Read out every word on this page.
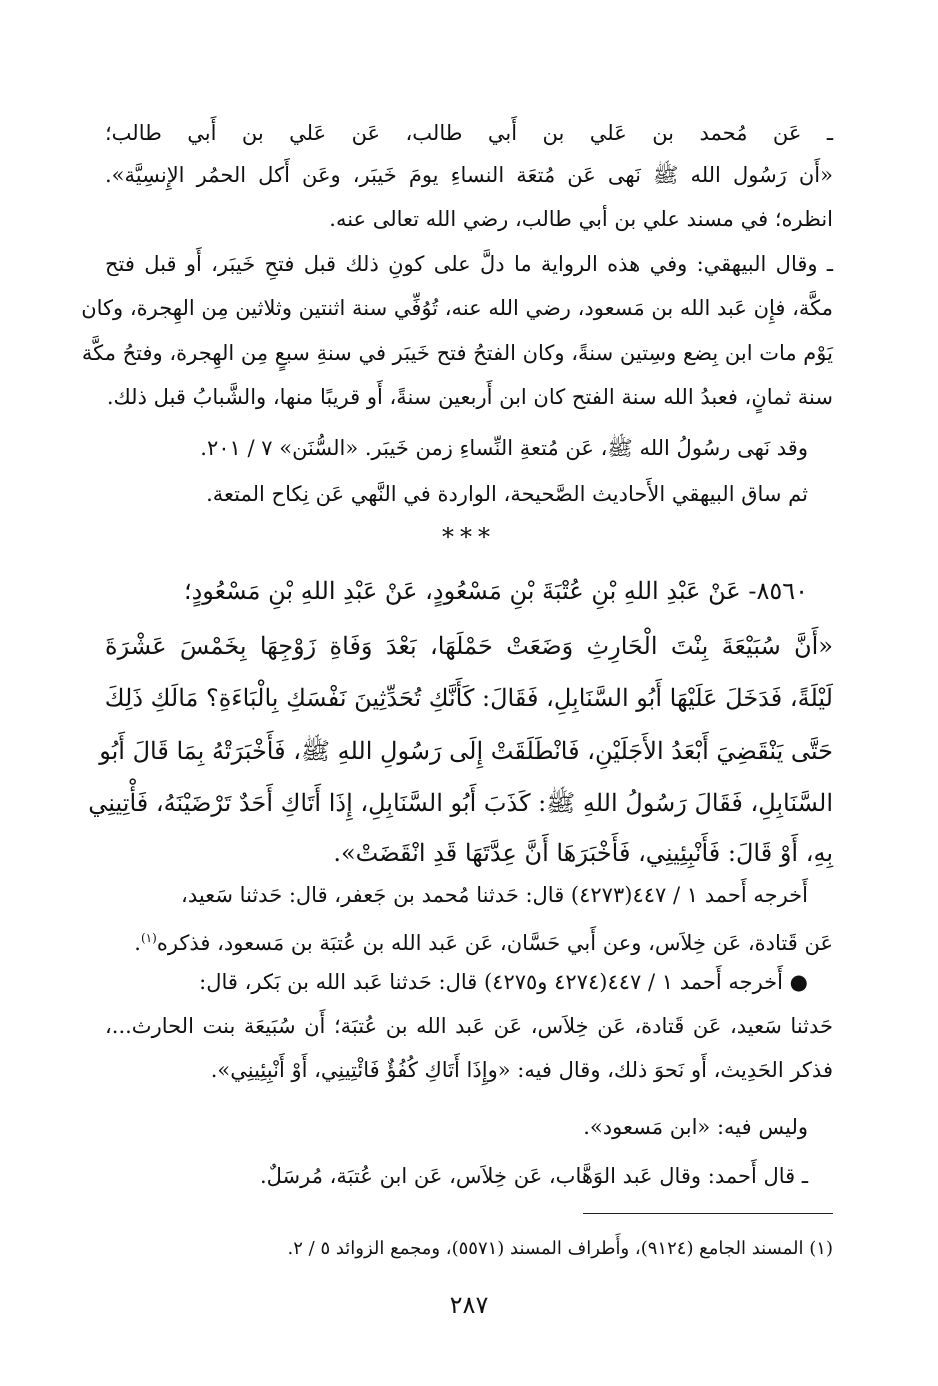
ـ عَن مُحمد بن عَلي بن أَبي طالب، عَن عَلي بن أَبي طالب؛
«أَن رَسُول الله ﷺ نَهى عَن مُتعَة النساءِ يومَ خَيبَر، وعَن أَكل الحمُر الإِنسِيَّة».
انظره؛ في مسند علي بن أبي طالب، رضي الله تعالى عنه.
ـ وقال البيهقي: وفي هذه الرواية ما دلَّ على كونِ ذلك قبل فتحِ خَيبَر، أَو قبل فتح
مكَّة، فإِن عَبد الله بن مَسعود، رضي الله عنه، تُوُفِّي سنة اثنتين وثلاثين مِن الهِجرة، وكان
يَوْم مات ابن بِضع وسِتين سنةً، وكان الفتحُ فتح خَيبَر في سنةِ سبعٍ مِن الهِجرة، وفتحُ مكَّة
سنة ثمانٍ، فعبدُ الله سنة الفتح كان ابن أَربعين سنةً، أَو قريبًا منها، والشَّبابُ قبل ذلك.
وقد نَهى رسُولُ الله ﷺ، عَن مُتعةِ النِّساءِ زمن خَيبَر. «السُّنَن» ٧ / ٢٠١.
ثم ساق البيهقي الأَحاديث الصَّحيحة، الواردة في النَّهي عَن نِكاح المتعة.
***
٨٥٦٠- عَنْ عَبْدِ اللهِ بْنِ عُتْبَةَ بْنِ مَسْعُودٍ، عَنْ عَبْدِ اللهِ بْنِ مَسْعُودٍ؛
«أَنَّ سُبَيْعَةَ بِنْتَ الْحَارِثِ وَضَعَتْ حَمْلَهَا، بَعْدَ وَفَاةِ زَوْجِهَا بِخَمْسَ عَشْرَةَ
لَيْلَةً، فَدَخَلَ عَلَيْهَا أَبُو السَّنَابِلِ، فَقَالَ: كَأَنَّكِ تُحَدِّثِينَ نَفْسَكِ بِالْبَاءَةِ؟ مَالَكِ ذَلِكَ
حَتَّى يَنْقَضِيَ أَبْعَدُ الأَجَلَيْنِ، فَانْطَلَقَتْ إِلَى رَسُولِ اللهِ ﷺ، فَأَخْبَرَتْهُ بِمَا قَالَ أَبُو
السَّنَابِلِ، فَقَالَ رَسُولُ اللهِ ﷺ: كَذَبَ أَبُو السَّنَابِلِ، إِذَا أَتَاكِ أَحَدٌ تَرْضَيْنَهُ، فَأْتِينِي
بِهِ، أَوْ قَالَ: فَأَنْبِئِينِي، فَأَخْبَرَهَا أَنَّ عِدَّتَهَا قَدِ انْقَضَتْ».
أَخرجه أَحمد ١ / ٤٤٧(٤٢٧٣) قال: حَدثنا مُحمد بن جَعفر، قال: حَدثنا سَعيد،
عَن قَتادة، عَن خِلاَس، وعن أَبي حَسَّان، عَن عَبد الله بن عُتبَة بن مَسعود، فذكره$^{(١)}$.
● أَخرجه أَحمد ١ / ٤٤٧(٤٢٧٤ و٤٢٧٥) قال: حَدثنا عَبد الله بن بَكر، قال:
حَدثنا سَعيد، عَن قَتادة، عَن خِلاَس، عَن عَبد الله بن عُتبَة؛ أَن سُبَيعَة بنت الحارث...،
فذكر الحَدِيث، أَو نَحوَ ذلك، وقال فيه: «وإِذَا أَتَاكِ كُفُؤٌ فَائْتِينِي، أَوْ أَنْبِئِينِي».
وليس فيه: «ابن مَسعود».
ـ قال أَحمد: وقال عَبد الوَهَّاب، عَن خِلاَس، عَن ابن عُتبَة، مُرسَلٌ.
(١) المسند الجامع (٩١٢٤)، وأَطراف المسند (٥٥٧١)، ومجمع الزوائد ٥ / ٢.
٢٨٧
